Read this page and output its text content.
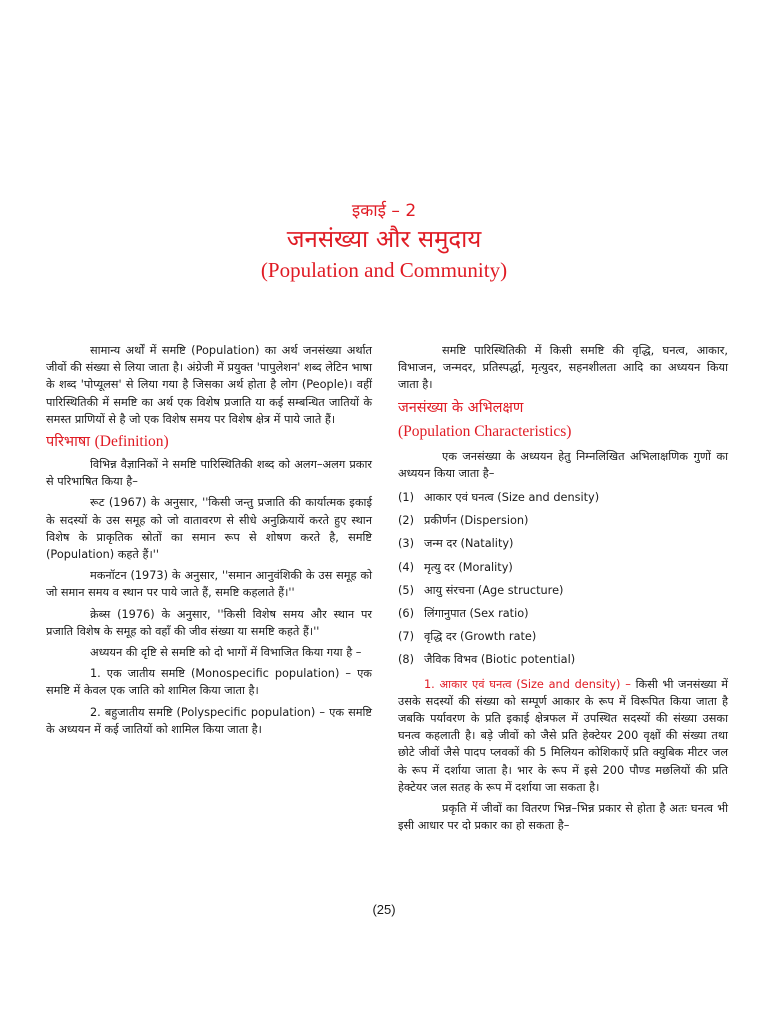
इकाई – 2
जनसंख्या और समुदाय
(Population and Community)

सामान्य अर्थों में समष्टि (Population) का अर्थ जनसंख्या अर्थात जीवों की संख्या से लिया जाता है। अंग्रेजी में प्रयुक्त 'पापुलेशन' शब्द लेटिन भाषा के शब्द 'पोप्यूलस' से लिया गया है जिसका अर्थ होता है लोग (People)। वहीं पारिस्थितिकी में समष्टि का अर्थ एक विशेष प्रजाति या कई सम्बन्धित जातियों के समस्त प्राणियों से है जो एक विशेष समय पर विशेष क्षेत्र में पाये जाते हैं।

परिभाषा (Definition)

विभिन्न वैज्ञानिकों ने समष्टि पारिस्थितिकी शब्द को अलग–अलग प्रकार से परिभाषित किया है–

रूट (1967) के अनुसार, ''किसी जन्तु प्रजाति की कार्यात्मक इकाई के सदस्यों के उस समूह को जो वातावरण से सीधे अनुक्रियायें करते हुए स्थान विशेष के प्राकृतिक स्रोतों का समान रूप से शोषण करते है, समष्टि (Population) कहते हैं।''

मकनॉटन (1973) के अनुसार, ''समान आनुवंशिकी के उस समूह को जो समान समय व स्थान पर पाये जाते हैं, समष्टि कहलाते हैं।''

क्रेब्स (1976) के अनुसार, ''किसी विशेष समय और स्थान पर प्रजाति विशेष के समूह को वहाँ की जीव संख्या या समष्टि कहते हैं।''

अध्ययन की दृष्टि से समष्टि को दो भागों में विभाजित किया गया है –

1. एक जातीय समष्टि (Monospecific population) – एक समष्टि में केवल एक जाति को शामिल किया जाता है।

2. बहुजातीय समष्टि (Polyspecific population) – एक समष्टि के अध्ययन में कई जातियों को शामिल किया जाता है।

समष्टि पारिस्थितिकी में किसी समष्टि की वृद्धि, घनत्व, आकार, विभाजन, जन्मदर, प्रतिस्पर्द्धा, मृत्युदर, सहनशीलता आदि का अध्ययन किया जाता है।

जनसंख्या के अभिलक्षण
(Population Characteristics)

एक जनसंख्या के अध्ययन हेतु निम्नलिखित अभिलाक्षणिक गुणों का अध्ययन किया जाता है–

(1) आकार एवं घनत्व (Size and density)
(2) प्रकीर्णन (Dispersion)
(3) जन्म दर (Natality)
(4) मृत्यु दर (Morality)
(5) आयु संरचना (Age structure)
(6) लिंगानुपात (Sex ratio)
(7) वृद्धि दर (Growth rate)
(8) जैविक विभव (Biotic potential)

1. आकार एवं घनत्व (Size and density) – किसी भी जनसंख्या में उसके सदस्यों की संख्या को सम्पूर्ण आकार के रूप में विरूपित किया जाता है जबकि पर्यावरण के प्रति इकाई क्षेत्रफल में उपस्थित सदस्यों की संख्या उसका घनत्व कहलाती है। बड़े जीवों को जैसे प्रति हेक्टेयर 200 वृक्षों की संख्या तथा छोटे जीवों जैसे पादप प्लवकों की 5 मिलियन कोशिकाऐं प्रति क्युबिक मीटर जल के रूप में दर्शाया जाता है। भार के रूप में इसे 200 पौण्ड मछलियों की प्रति हेक्टेयर जल सतह के रूप में दर्शाया जा सकता है।

प्रकृति में जीवों का वितरण भिन्न–भिन्न प्रकार से होता है अतः घनत्व भी इसी आधार पर दो प्रकार का हो सकता है–

(25)
